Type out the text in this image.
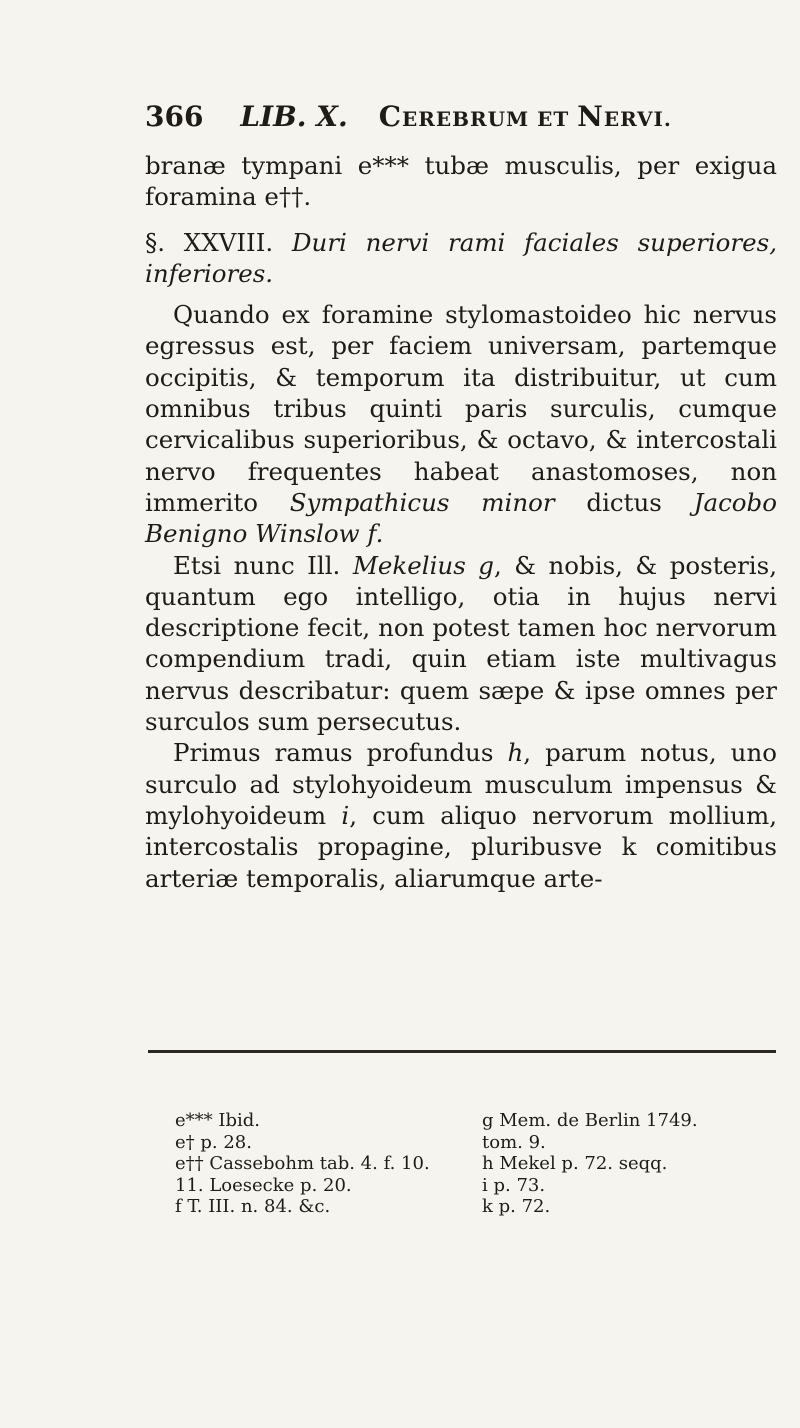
366 LIB. X. CEREBRUM ET NERVI.

branæ tympani e*** tubæ musculis, per exigua foramina e††.

§. XXVIII. Duri nervi rami faciales superiores, inferiores.

Quando ex foramine stylomastoideo hic nervus egressus est, per faciem universam, partemque occipitis, & temporum ita distribuitur, ut cum omnibus tribus quinti paris surculis, cumque cervicalibus superioribus, & octavo, & intercostali nervo frequentes habeat anastomoses, non immerito Sympathicus minor dictus Jacobo Benigno Winslow f.

Etsi nunc Ill. Mekelius g, & nobis, & posteris, quantum ego intelligo, otia in hujus nervi descriptione fecit, non potest tamen hoc nervorum compendium tradi, quin etiam iste multivagus nervus describatur: quem sæpe & ipse omnes per surculos sum persecutus.

Primus ramus profundus h, parum notus, uno surculo ad stylohyoideum musculum impensus & mylohyoideum i, cum aliquo nervorum mollium, intercostalis propagine, pluribusve k comitibus arteriæ temporalis, aliarumque arte-

e*** Ibid.
e† p. 28.
e†† Cassebohm tab. 4. f. 10.
11. Loesecke p. 20.
f T. III. n. 84. &c.
g Mem. de Berlin 1749.
tom. 9.
h Mekel p. 72. seqq.
i p. 73.
k p. 72.
